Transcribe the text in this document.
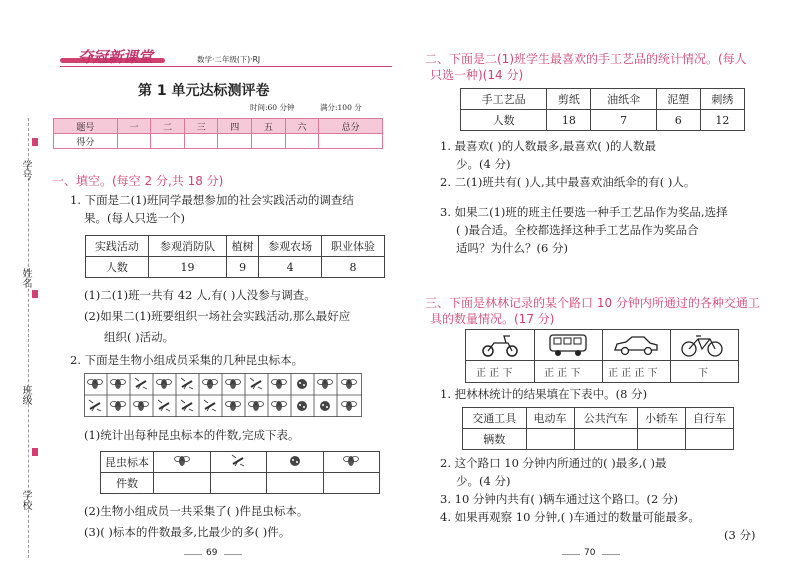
学号
姓名
班级
学校
夺冠新课堂	数学·二年级(下)·RJ
第 1 单元达标测评卷
时间:60 分钟	满分:100 分
题号	一	二	三	四	五	六	总分
得分							
一、填空。(每空 2 分,共 18 分)
1. 下面是二(1)班同学最想参加的社会实践活动的调查结
果。(每人只选一个)
实践活动	参观消防队	植树	参观农场	职业体验
人数	19	9	4	8
(1)二(1)班一共有 42 人,有( )人没参与调查。
(2)如果二(1)班要组织一场社会实践活动,那么最好应
组织( )活动。
2. 下面是生物小组成员采集的几种昆虫标本。
(1)统计出每种昆虫标本的件数,完成下表。
昆虫标本				
件数				
(2)生物小组成员一共采集了( )件昆虫标本。
(3)( )标本的件数最多,比最少的多( )件。
69
二、下面是二(1)班学生最喜欢的手工艺品的统计情况。(每人
只选一种)(14 分)
手工艺品	剪纸	油纸伞	泥塑	刺绣
人数	18	7	6	12
1. 最喜欢( )的人数最多,最喜欢( )的人数最
少。(4 分)
2. 二(1)班共有( )人,其中最喜欢油纸伞的有( )人。
3. 如果二(1)班的班主任要选一种手工艺品作为奖品,选择
( )最合适。全校都选择这种手工艺品作为奖品合
适吗？为什么？(6 分)
三、下面是林林记录的某个路口 10 分钟内所通过的各种交通工
具的数量情况。(17 分)
正 正 下	正 正 下	正 正 正 下	下
1. 把林林统计的结果填在下表中。(8 分)
交通工具	电动车	公共汽车	小轿车	自行车
辆数				
2. 这个路口 10 分钟内所通过的( )最多,( )最
少。(4 分)
3. 10 分钟内共有( )辆车通过这个路口。(2 分)
4. 如果再观察 10 分钟,( )车通过的数量可能最多。
(3 分)
70
